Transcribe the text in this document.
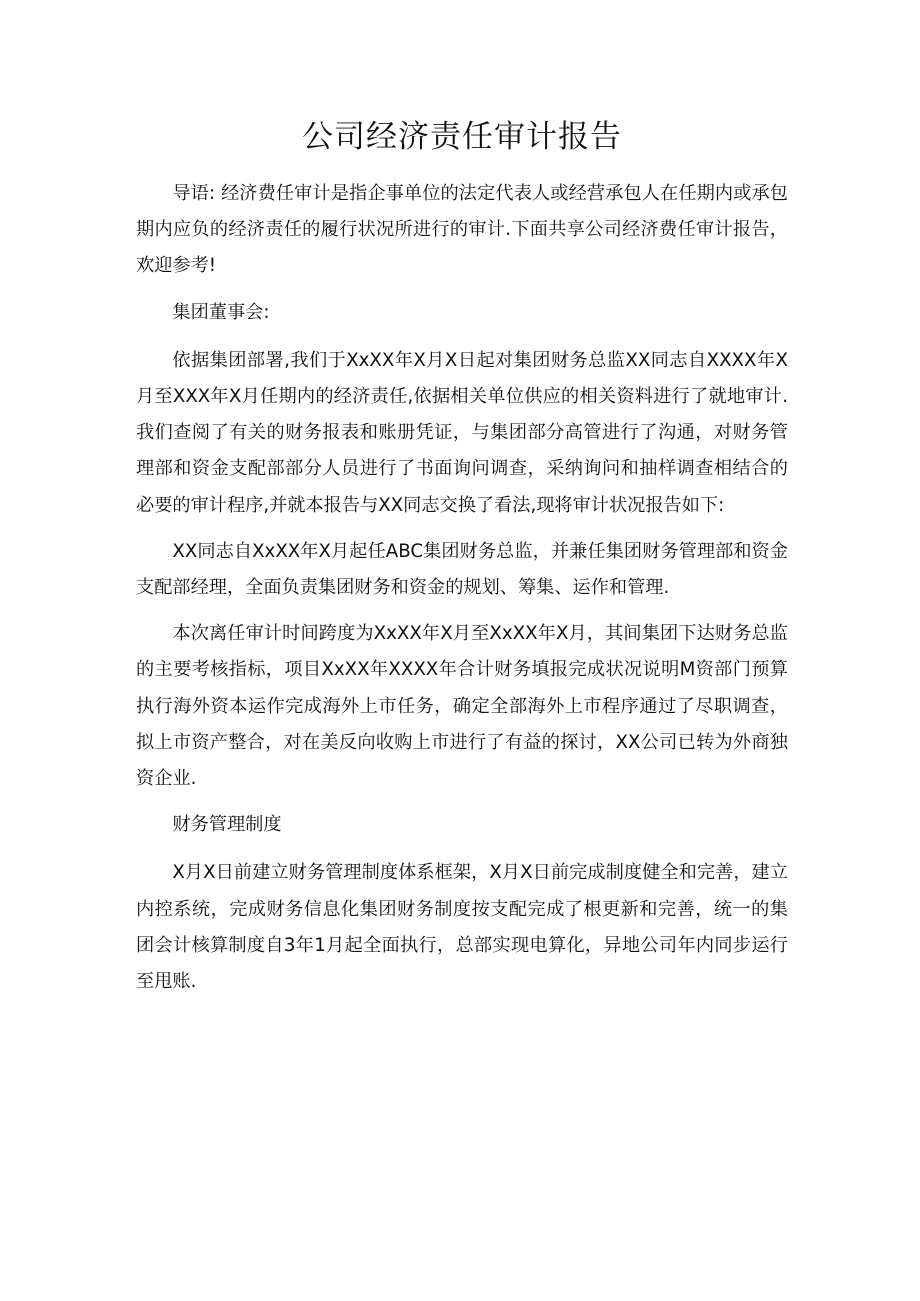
公司经济责任审计报告

导语: 经济费任审计是指企事单位的法定代表人或经营承包人在任期内或承包期内应负的经济责任的履行状况所进行的审计.下面共享公司经济费任审计报告，欢迎参考!

集团董事会:

依据集团部署,我们于XxXX年X月X日起对集团财务总监XX同志自XXXX年X月至XXX年X月任期内的经济责任,依据相关单位供应的相关资料进行了就地审计.我们查阅了有关的财务报表和账册凭证，与集团部分高管进行了沟通，对财务管理部和资金支配部部分人员进行了书面询问调查，采纳询问和抽样调查相结合的必要的审计程序,并就本报告与XX同志交换了看法,现将审计状况报告如下:

XX同志自XxXX年X月起任ABC集团财务总监，并兼任集团财务管理部和资金支配部经理，全面负责集团财务和资金的规划、筹集、运作和管理.

本次离任审计时间跨度为XxXX年X月至XxXX年X月，其间集团下达财务总监的主要考核指标，项目XxXX年XXXX年合计财务填报完成状况说明M资部门预算执行海外资本运作完成海外上市任务，确定全部海外上市程序通过了尽职调查，拟上市资产整合，对在美反向收购上市进行了有益的探讨，XX公司已转为外商独资企业.

财务管理制度

X月X日前建立财务管理制度体系框架，X月X日前完成制度健全和完善，建立内控系统，完成财务信息化集团财务制度按支配完成了根更新和完善，统一的集团会计核算制度自3年1月起全面执行，总部实现电算化，异地公司年内同步运行至甩账.
